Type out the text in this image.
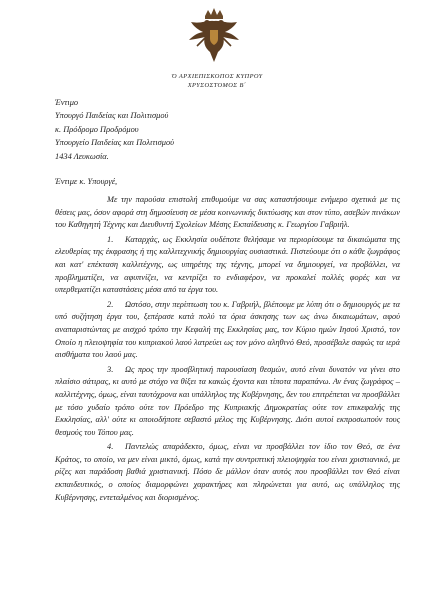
Ὁ ΑΡΧΙΕΠΙΣΚΟΠΟΣ ΚΥΠΡΟΥ
ΧΡΥΣΟΣΤΟΜΟΣ Β΄
Έντιμο
Υπουργό Παιδείας και Πολιτισμού
κ. Πρόδρομο Προδρόμου
Υπουργείο Παιδείας και Πολιτισμού
1434 Λευκωσία.
Έντιμε κ. Υπουργέ,

Με την παρούσα επιστολή επιθυμούμε να σας καταστήσουμε ενήμερο σχετικά με τις θέσεις μας, όσον αφορά στη δημοσίευση σε μέσα κοινωνικής δικτύωσης και στον τύπο, ασεβών πινάκων του Καθηγητή Τέχνης και Διευθυντή Σχολείων Μέσης Εκπαίδευσης κ. Γεωργίου Γαβριήλ.

1. Καταρχάς, ως Εκκλησία ουδέποτε θελήσαμε να περιορίσουμε τα δικαιώματα της ελευθερίας της έκφρασης ή της καλλιτεχνικής δημιουργίας ουσιαστικά. Πιστεύουμε ότι ο κάθε ζωγράφος και κατ' επέκταση καλλιτέχνης, ως υπηρέτης της τέχνης, μπορεί να δημιουργεί, να προβάλλει, να προβληματίζει, να αφυπνίζει, να κεντρίζει το ενδιαφέρον, να προκαλεί πολλές φορές και να υπερθεματίζει καταστάσεις μέσα από τα έργα του.

2. Ωστόσο, στην περίπτωση του κ. Γαβριήλ, βλέπουμε με λύπη ότι ο δημιουργός με τα υπό συζήτηση έργα του, ξεπέρασε κατά πολύ τα όρια άσκησης των ως άνω δικαιωμάτων, αφού αναπαριστώντας με αισχρό τρόπο την Κεφαλή της Εκκλησίας μας, τον Κύριο ημών Ιησού Χριστό, τον Οποίο η πλειοψηφία του κυπριακού λαού λατρεύει ως τον μόνο αληθινό Θεό, προσέβαλε σαφώς τα ιερά αισθήματα του λαού μας.

3. Ως προς την προσβλητική παρουσίαση θεσμών, αυτό είναι δυνατόν να γίνει στο πλαίσιο σάτιρας, κι αυτό με στόχο να θίξει τα κακώς έχοντα και τίποτα παραπάνω. Αν ένας ζωγράφος – καλλιτέχνης, όμως, είναι ταυτόχρονα και υπάλληλος της Κυβέρνησης, δεν του επιτρέπεται να προσβάλλει με τόσο χυδαίο τρόπο ούτε τον Πρόεδρο της Κυπριακής Δημοκρατίας ούτε τον επικεφαλής της Εκκλησίας, αλλ' ούτε κι οποιοδήποτε σεβαστό μέλος της Κυβέρνησης. Διότι αυτοί εκπροσωπούν τους θεσμούς του Τόπου μας.

4. Παντελώς απαράδεκτο, όμως, είναι να προσβάλλει τον ίδιο τον Θεό, σε ένα Κράτος, το οποίο, να μεν είναι μικτό, όμως, κατά την συντριπτική πλειοψηφία του είναι χριστιανικό, με ρίζες και παράδοση βαθιά χριστιανική. Πόσο δε μάλλον όταν αυτός που προσβάλλει τον Θεό είναι εκπαιδευτικός, ο οποίος διαμορφώνει χαρακτήρες και πληρώνεται για αυτό, ως υπάλληλος της Κυβέρνησης, εντεταλμένος και διορισμένος.
